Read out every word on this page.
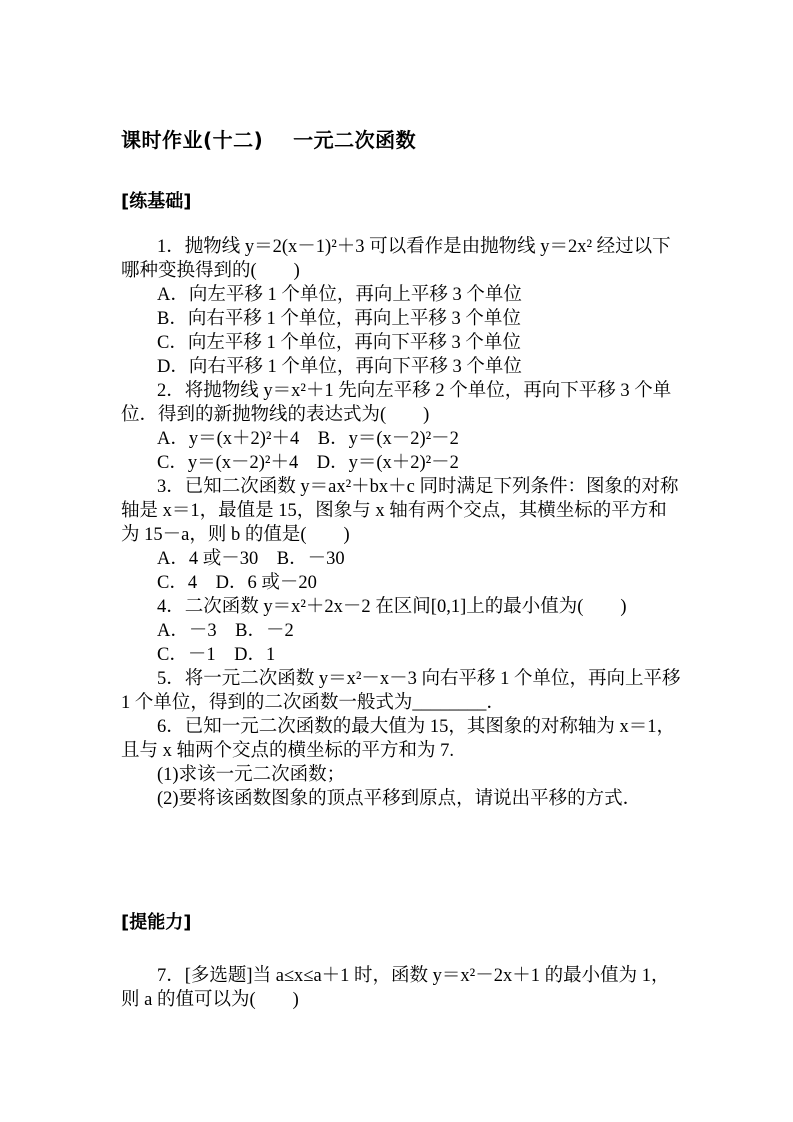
课时作业(十二)    一元二次函数
[练基础]
1．抛物线 y＝2(x－1)²＋3 可以看作是由抛物线 y＝2x² 经过以下
哪种变换得到的(　　)
A．向左平移 1 个单位，再向上平移 3 个单位
B．向右平移 1 个单位，再向上平移 3 个单位
C．向左平移 1 个单位，再向下平移 3 个单位
D．向右平移 1 个单位，再向下平移 3 个单位
2．将抛物线 y＝x²＋1 先向左平移 2 个单位，再向下平移 3 个单
位．得到的新抛物线的表达式为(　　)
A．y＝(x＋2)²＋4　B．y＝(x－2)²－2
C．y＝(x－2)²＋4　D．y＝(x＋2)²－2
3．已知二次函数 y＝ax²＋bx＋c 同时满足下列条件：图象的对称
轴是 x＝1，最值是 15，图象与 x 轴有两个交点，其横坐标的平方和
为 15－a，则 b 的值是(　　)
A．4 或－30　B．－30
C．4　D．6 或－20
4．二次函数 y＝x²＋2x－2 在区间[0,1]上的最小值为(　　)
A．－3　B．－2
C．－1　D．1
5．将一元二次函数 y＝x²－x－3 向右平移 1 个单位，再向上平移
1 个单位，得到的二次函数一般式为________．
6．已知一元二次函数的最大值为 15，其图象的对称轴为 x＝1，
且与 x 轴两个交点的横坐标的平方和为 7.
(1)求该一元二次函数；
(2)要将该函数图象的顶点平移到原点，请说出平移的方式．
[提能力]
7．[多选题]当 a≤x≤a＋1 时，函数 y＝x²－2x＋1 的最小值为 1，
则 a 的值可以为(　　)
